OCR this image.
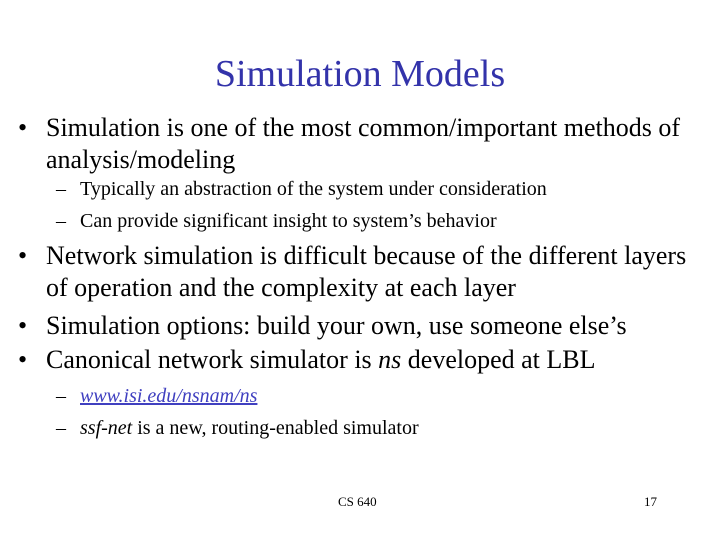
Simulation Models
• Simulation is one of the most common/important methods of analysis/modeling
– Typically an abstraction of the system under consideration
– Can provide significant insight to system’s behavior
• Network simulation is difficult because of the different layers of operation and the complexity at each layer
• Simulation options: build your own, use someone else’s
• Canonical network simulator is ns developed at LBL
– www.isi.edu/nsnam/ns
– ssf-net is a new, routing-enabled simulator
CS 640	17
